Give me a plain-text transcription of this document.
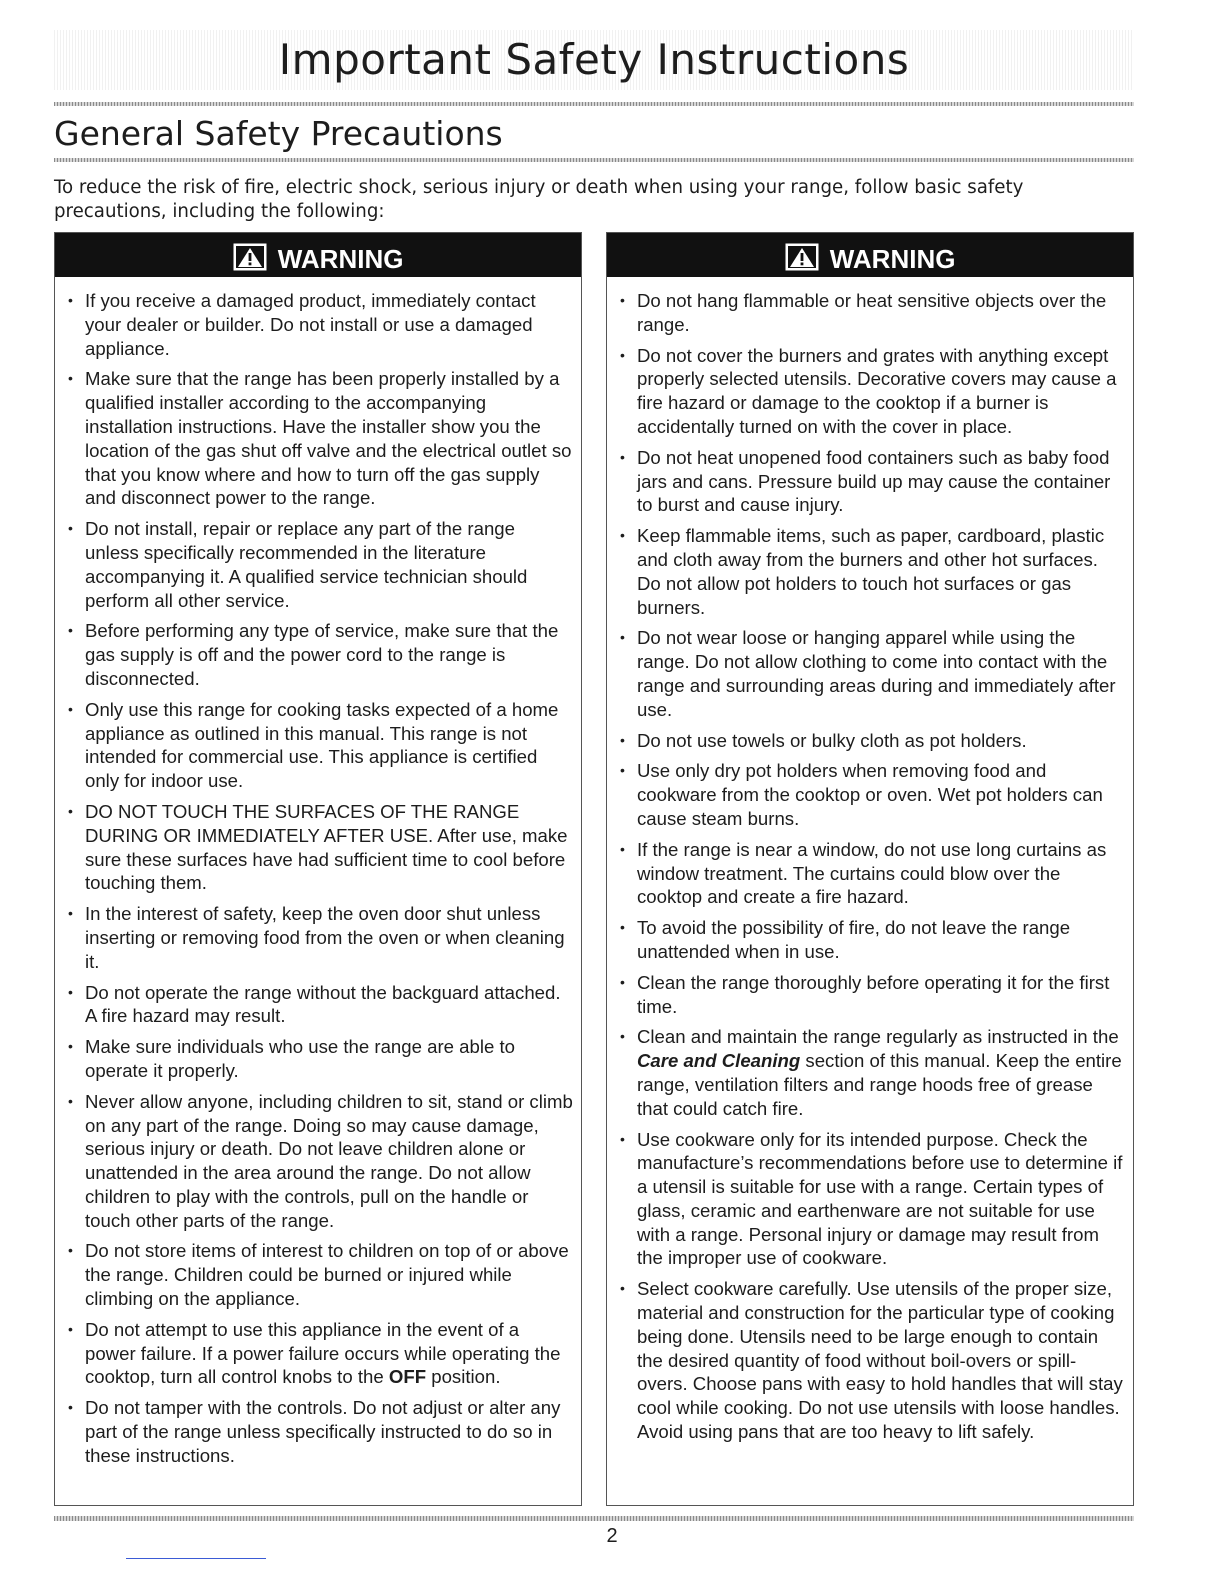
Important Safety Instructions
General Safety Precautions

To reduce the risk of fire, electric shock, serious injury or death when using your range, follow basic safety precautions, including the following:

WARNING
• If you receive a damaged product, immediately contact your dealer or builder. Do not install or use a damaged appliance.
• Make sure that the range has been properly installed by a qualified installer according to the accompanying installation instructions. Have the installer show you the location of the gas shut off valve and the electrical outlet so that you know where and how to turn off the gas supply and disconnect power to the range.
• Do not install, repair or replace any part of the range unless specifically recommended in the literature accompanying it. A qualified service technician should perform all other service.
• Before performing any type of service, make sure that the gas supply is off and the power cord to the range is disconnected.
• Only use this range for cooking tasks expected of a home appliance as outlined in this manual. This range is not intended for commercial use. This appliance is certified only for indoor use.
• DO NOT TOUCH THE SURFACES OF THE RANGE DURING OR IMMEDIATELY AFTER USE. After use, make sure these surfaces have had sufficient time to cool before touching them.
• In the interest of safety, keep the oven door shut unless inserting or removing food from the oven or when cleaning it.
• Do not operate the range without the backguard attached. A fire hazard may result.
• Make sure individuals who use the range are able to operate it properly.
• Never allow anyone, including children to sit, stand or climb on any part of the range. Doing so may cause damage, serious injury or death. Do not leave children alone or unattended in the area around the range. Do not allow children to play with the controls, pull on the handle or touch other parts of the range.
• Do not store items of interest to children on top of or above the range. Children could be burned or injured while climbing on the appliance.
• Do not attempt to use this appliance in the event of a power failure. If a power failure occurs while operating the cooktop, turn all control knobs to the OFF position.
• Do not tamper with the controls. Do not adjust or alter any part of the range unless specifically instructed to do so in these instructions.
WARNING
• Do not hang flammable or heat sensitive objects over the range.
• Do not cover the burners and grates with anything except properly selected utensils. Decorative covers may cause a fire hazard or damage to the cooktop if a burner is accidentally turned on with the cover in place.
• Do not heat unopened food containers such as baby food jars and cans. Pressure build up may cause the container to burst and cause injury.
• Keep flammable items, such as paper, cardboard, plastic and cloth away from the burners and other hot surfaces. Do not allow pot holders to touch hot surfaces or gas burners.
• Do not wear loose or hanging apparel while using the range. Do not allow clothing to come into contact with the range and surrounding areas during and immediately after use.
• Do not use towels or bulky cloth as pot holders.
• Use only dry pot holders when removing food and cookware from the cooktop or oven. Wet pot holders can cause steam burns.
• If the range is near a window, do not use long curtains as window treatment. The curtains could blow over the cooktop and create a fire hazard.
• To avoid the possibility of fire, do not leave the range unattended when in use.
• Clean the range thoroughly before operating it for the first time.
• Clean and maintain the range regularly as instructed in the Care and Cleaning section of this manual. Keep the entire range, ventilation filters and range hoods free of grease that could catch fire.
• Use cookware only for its intended purpose. Check the manufacture’s recommendations before use to determine if a utensil is suitable for use with a range. Certain types of glass, ceramic and earthenware are not suitable for use with a range. Personal injury or damage may result from the improper use of cookware.
• Select cookware carefully. Use utensils of the proper size, material and construction for the particular type of cooking being done. Utensils need to be large enough to contain the desired quantity of food without boil-overs or spill-overs. Choose pans with easy to hold handles that will stay cool while cooking. Do not use utensils with loose handles. Avoid using pans that are too heavy to lift safely.
2
